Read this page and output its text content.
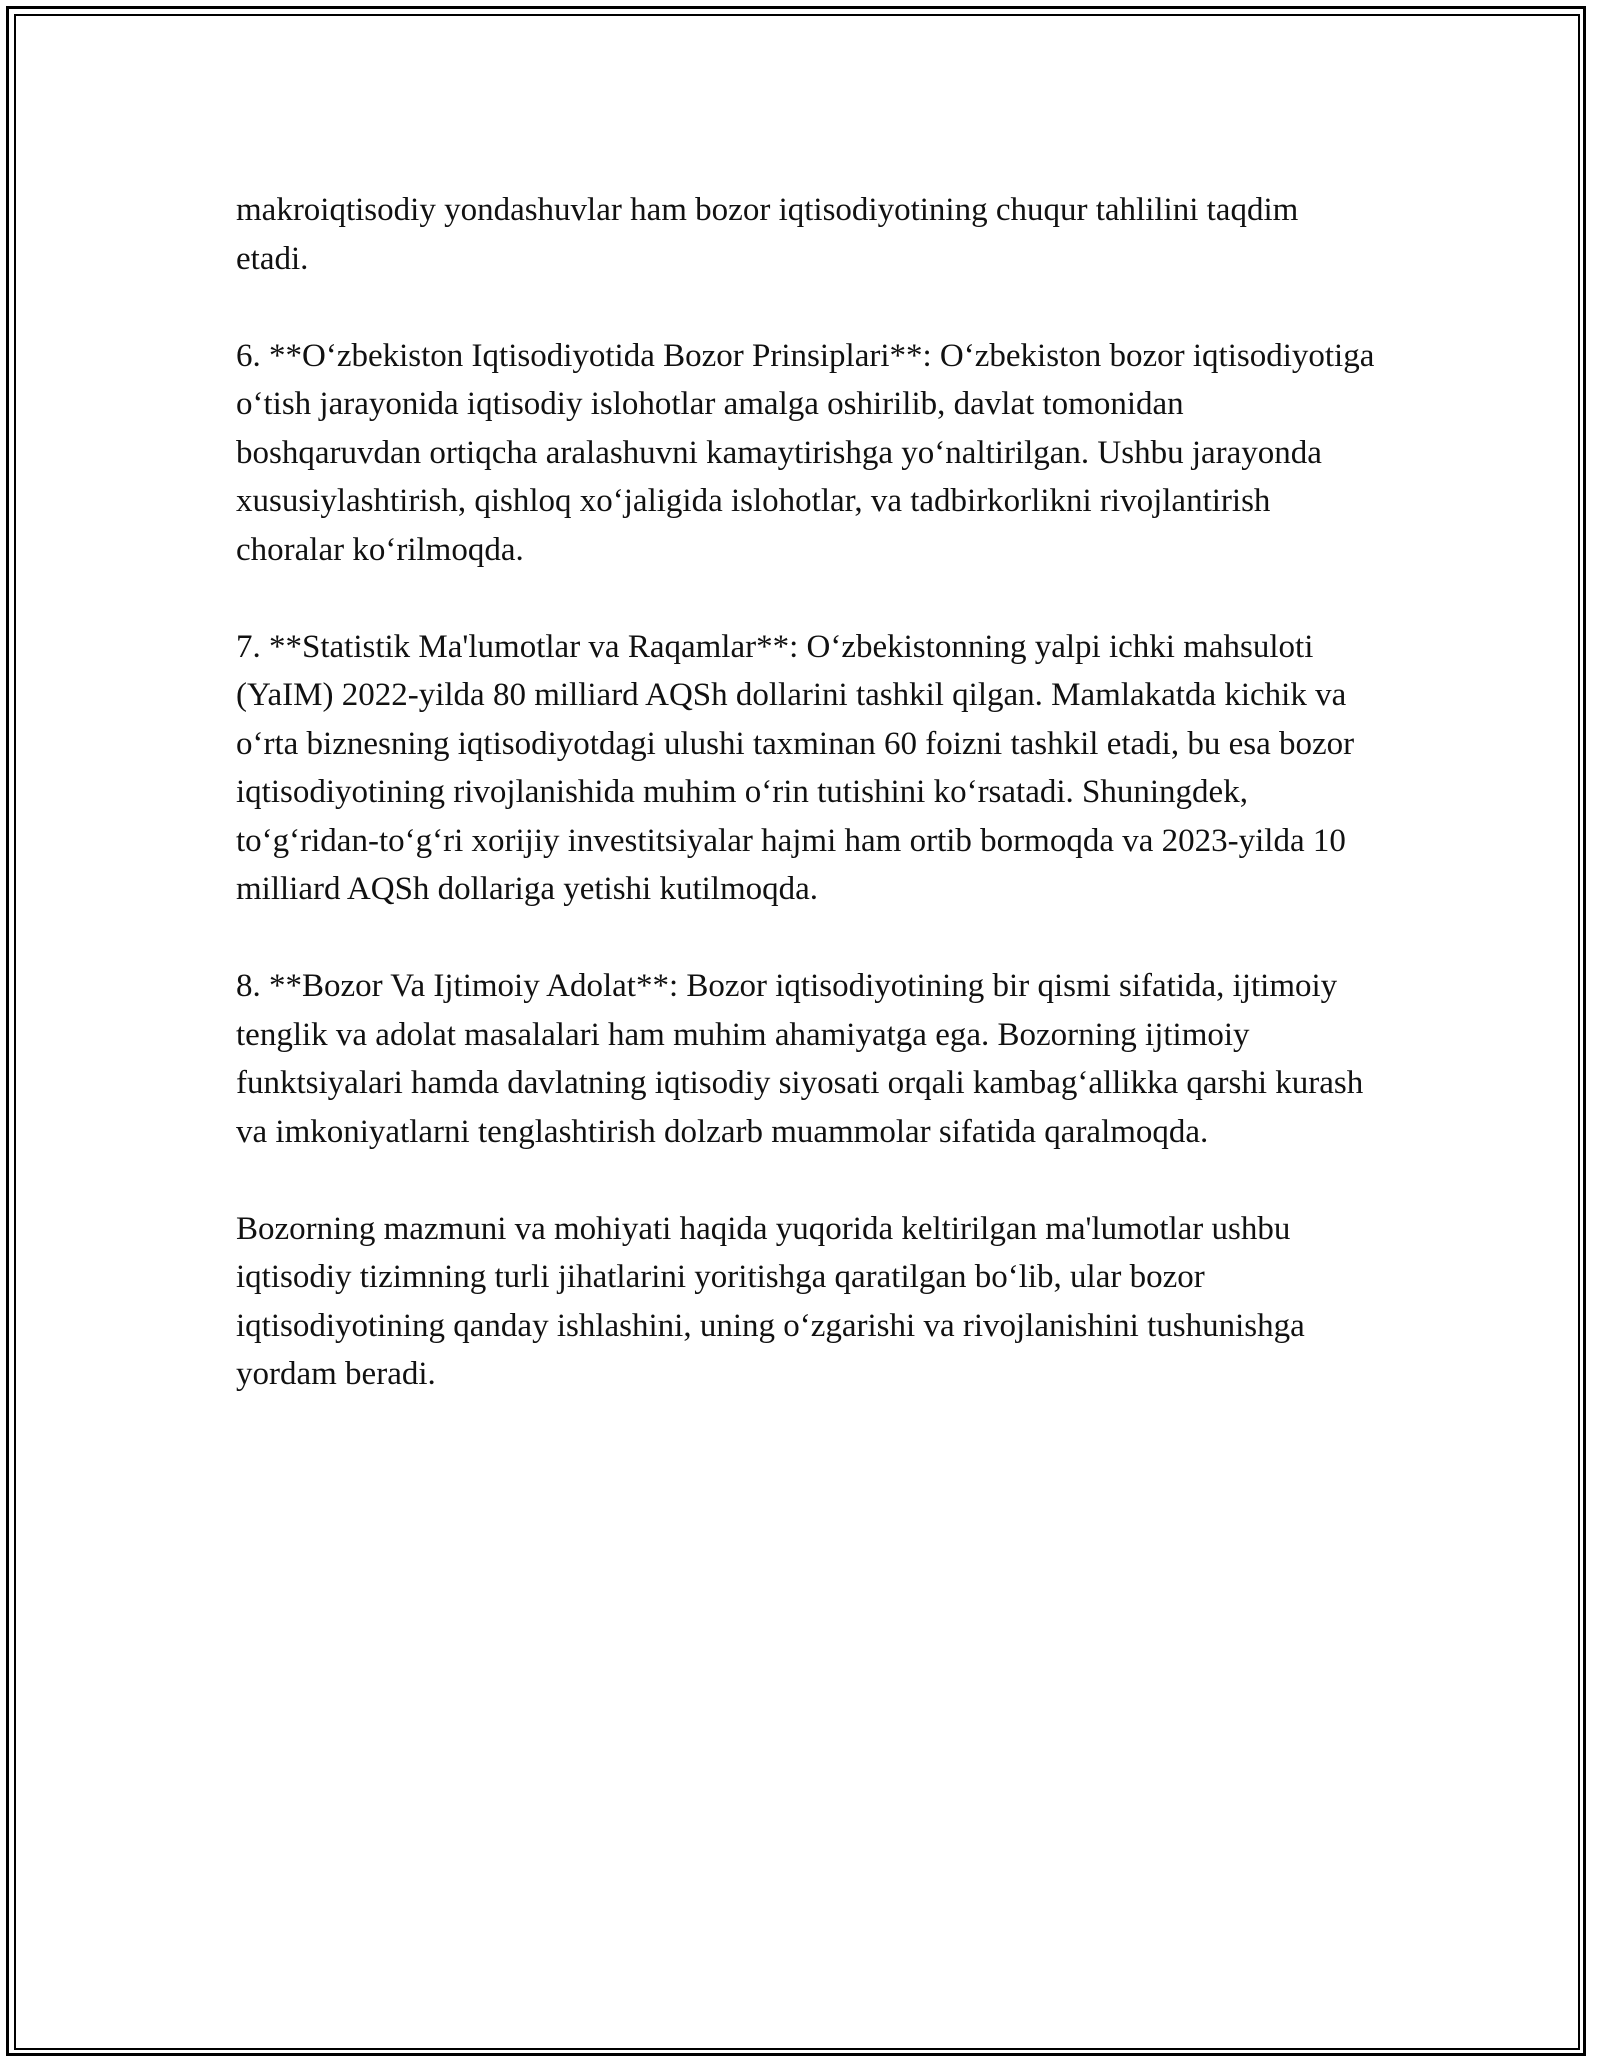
makroiqtisodiy yondashuvlar ham bozor iqtisodiyotining chuqur tahlilini taqdim etadi.

6. **O‘zbekiston Iqtisodiyotida Bozor Prinsiplari**: O‘zbekiston bozor iqtisodiyotiga o‘tish jarayonida iqtisodiy islohotlar amalga oshirilib, davlat tomonidan boshqaruvdan ortiqcha aralashuvni kamaytirishga yo‘naltirilgan. Ushbu jarayonda xususiylashtirish, qishloq xo‘jaligida islohotlar, va tadbirkorlikni rivojlantirish choralar ko‘rilmoqda.

7. **Statistik Ma'lumotlar va Raqamlar**: O‘zbekistonning yalpi ichki mahsuloti (YaIM) 2022-yilda 80 milliard AQSh dollarini tashkil qilgan. Mamlakatda kichik va o‘rta biznesning iqtisodiyotdagi ulushi taxminan 60 foizni tashkil etadi, bu esa bozor iqtisodiyotining rivojlanishida muhim o‘rin tutishini ko‘rsatadi. Shuningdek, to‘g‘ridan-to‘g‘ri xorijiy investitsiyalar hajmi ham ortib bormoqda va 2023-yilda 10 milliard AQSh dollariga yetishi kutilmoqda.

8. **Bozor Va Ijtimoiy Adolat**: Bozor iqtisodiyotining bir qismi sifatida, ijtimoiy tenglik va adolat masalalari ham muhim ahamiyatga ega. Bozorning ijtimoiy funktsiyalari hamda davlatning iqtisodiy siyosati orqali kambag‘allikka qarshi kurash va imkoniyatlarni tenglashtirish dolzarb muammolar sifatida qaralmoqda.

Bozorning mazmuni va mohiyati haqida yuqorida keltirilgan ma'lumotlar ushbu iqtisodiy tizimning turli jihatlarini yoritishga qaratilgan bo‘lib, ular bozor iqtisodiyotining qanday ishlashini, uning o‘zgarishi va rivojlanishini tushunishga yordam beradi.
